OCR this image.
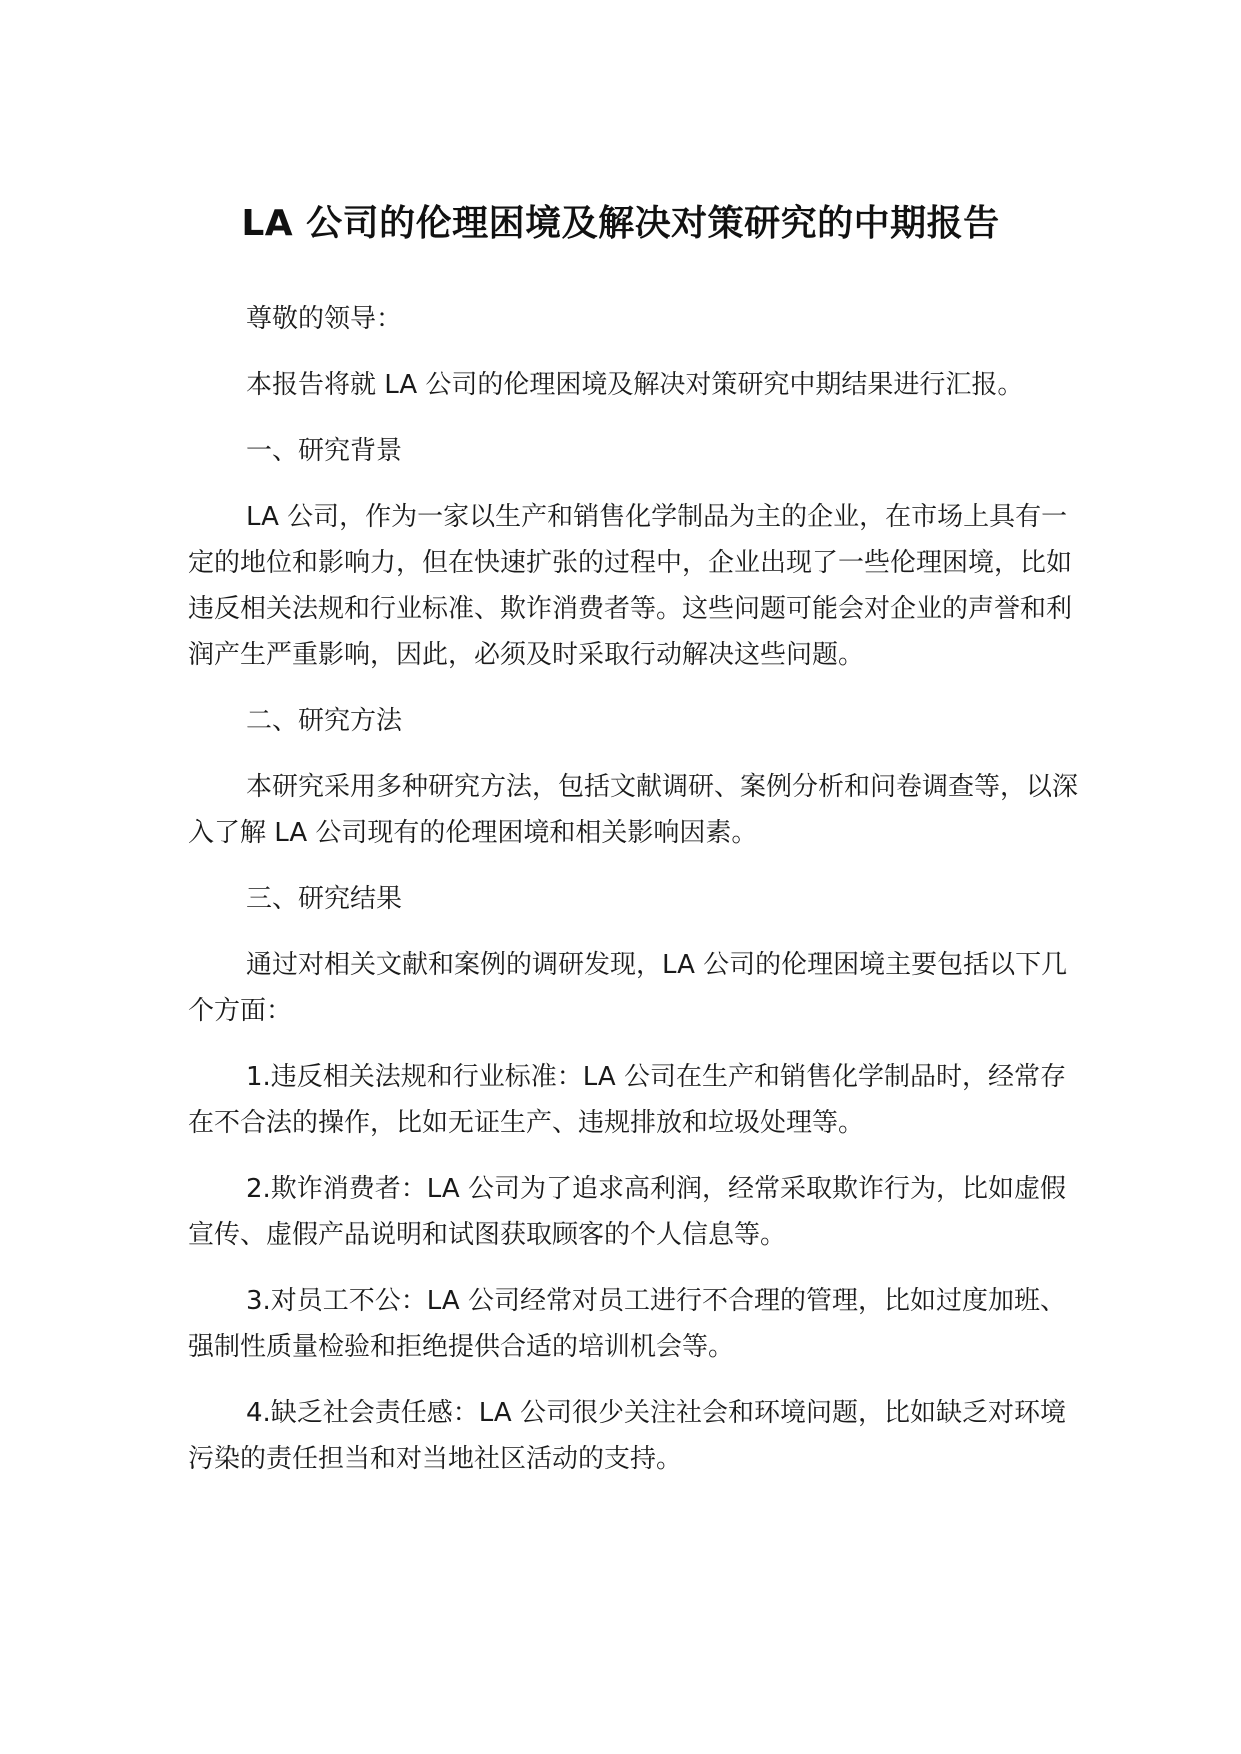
LA 公司的伦理困境及解决对策研究的中期报告

尊敬的领导：

本报告将就 LA 公司的伦理困境及解决对策研究中期结果进行汇报。

一、研究背景

LA 公司，作为一家以生产和销售化学制品为主的企业，在市场上具有一定的地位和影响力，但在快速扩张的过程中，企业出现了一些伦理困境，比如违反相关法规和行业标准、欺诈消费者等。这些问题可能会对企业的声誉和利润产生严重影响，因此，必须及时采取行动解决这些问题。

二、研究方法

本研究采用多种研究方法，包括文献调研、案例分析和问卷调查等，以深入了解 LA 公司现有的伦理困境和相关影响因素。

三、研究结果

通过对相关文献和案例的调研发现，LA 公司的伦理困境主要包括以下几个方面：

1.违反相关法规和行业标准：LA 公司在生产和销售化学制品时，经常存在不合法的操作，比如无证生产、违规排放和垃圾处理等。

2.欺诈消费者：LA 公司为了追求高利润，经常采取欺诈行为，比如虚假宣传、虚假产品说明和试图获取顾客的个人信息等。

3.对员工不公：LA 公司经常对员工进行不合理的管理，比如过度加班、强制性质量检验和拒绝提供合适的培训机会等。

4.缺乏社会责任感：LA 公司很少关注社会和环境问题，比如缺乏对环境污染的责任担当和对当地社区活动的支持。
